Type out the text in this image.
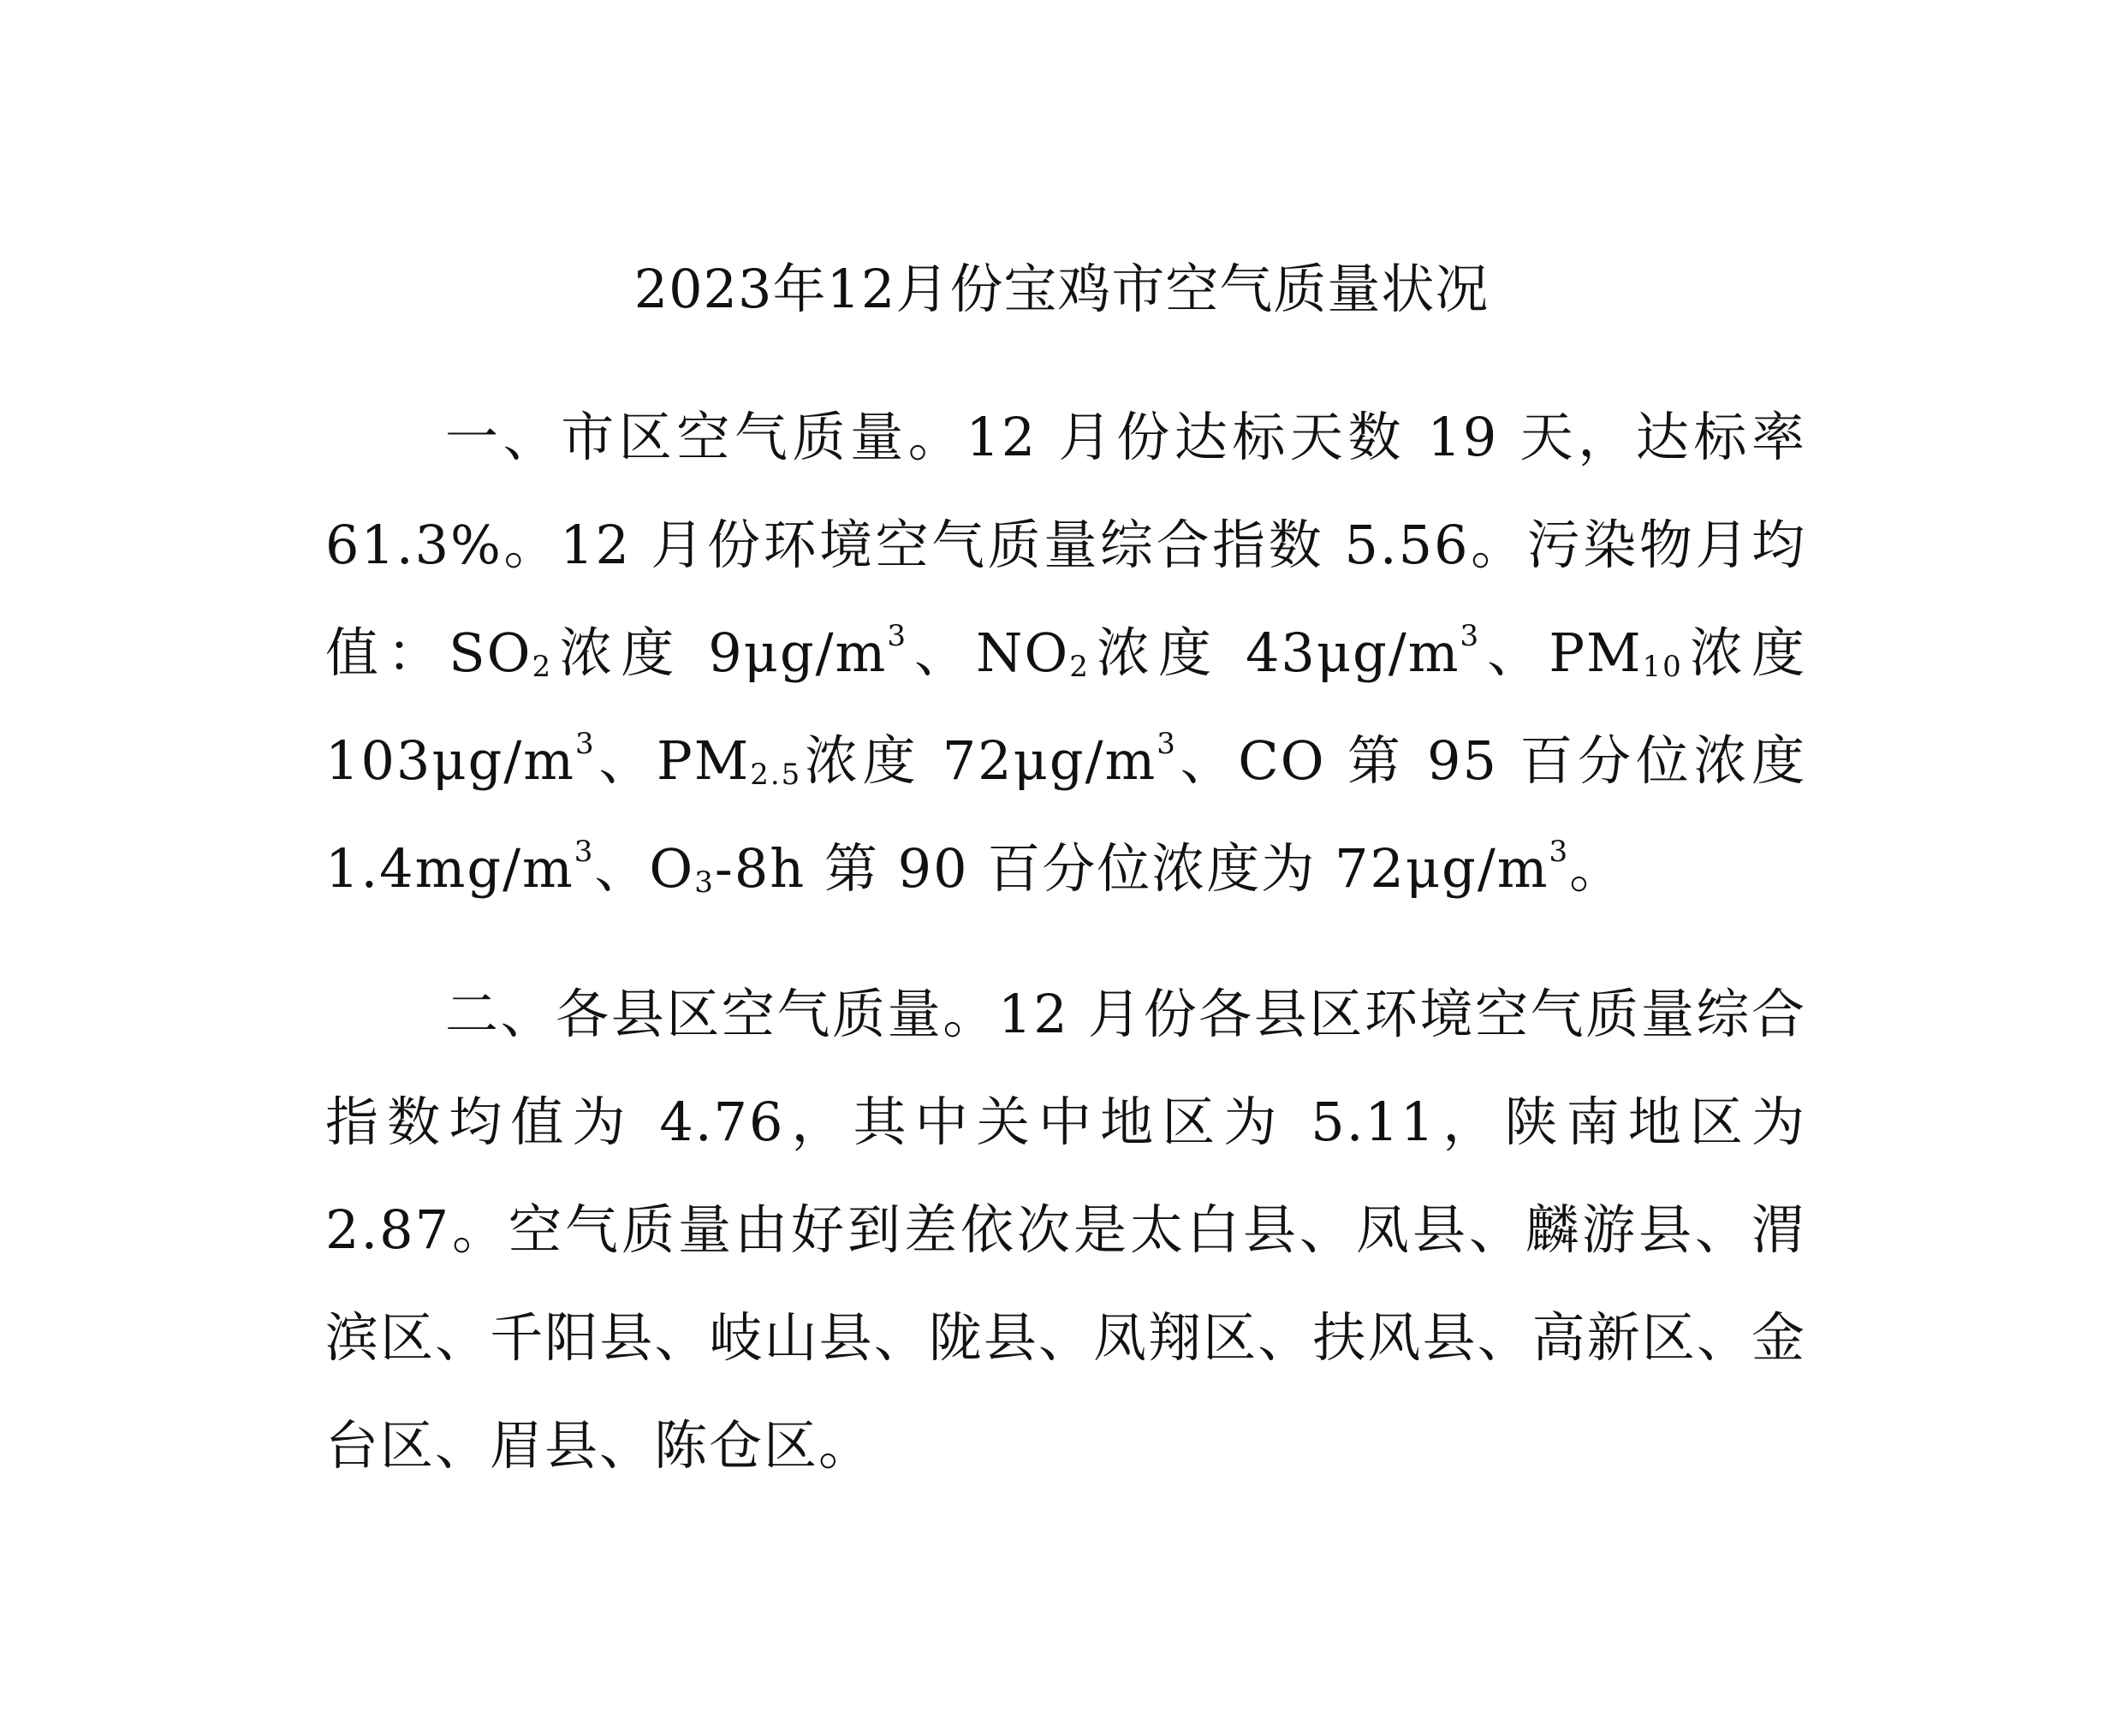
2023年12月份宝鸡市空气质量状况

一、市区空气质量。12 月份达标天数 19 天，达标率 61.3%。12 月份环境空气质量综合指数 5.56。污染物月均值：$SO_2$浓度 $9\mu g/m^3$、$NO_2$浓度 $43\mu g/m^3$、$PM_{10}$浓度 $103\mu g/m^3$、$PM_{2.5}$浓度 $72\mu g/m^3$、CO 第 95 百分位浓度 $1.4mg/m^3$、$O_3-8h$ 第 90 百分位浓度为 $72\mu g/m^3$。

二、各县区空气质量。12 月份各县区环境空气质量综合指数均值为 4.76，其中关中地区为 5.11，陕南地区为 2.87。空气质量由好到差依次是太白县、凤县、麟游县、渭滨区、千阳县、岐山县、陇县、凤翔区、扶风县、高新区、金台区、眉县、陈仓区。
